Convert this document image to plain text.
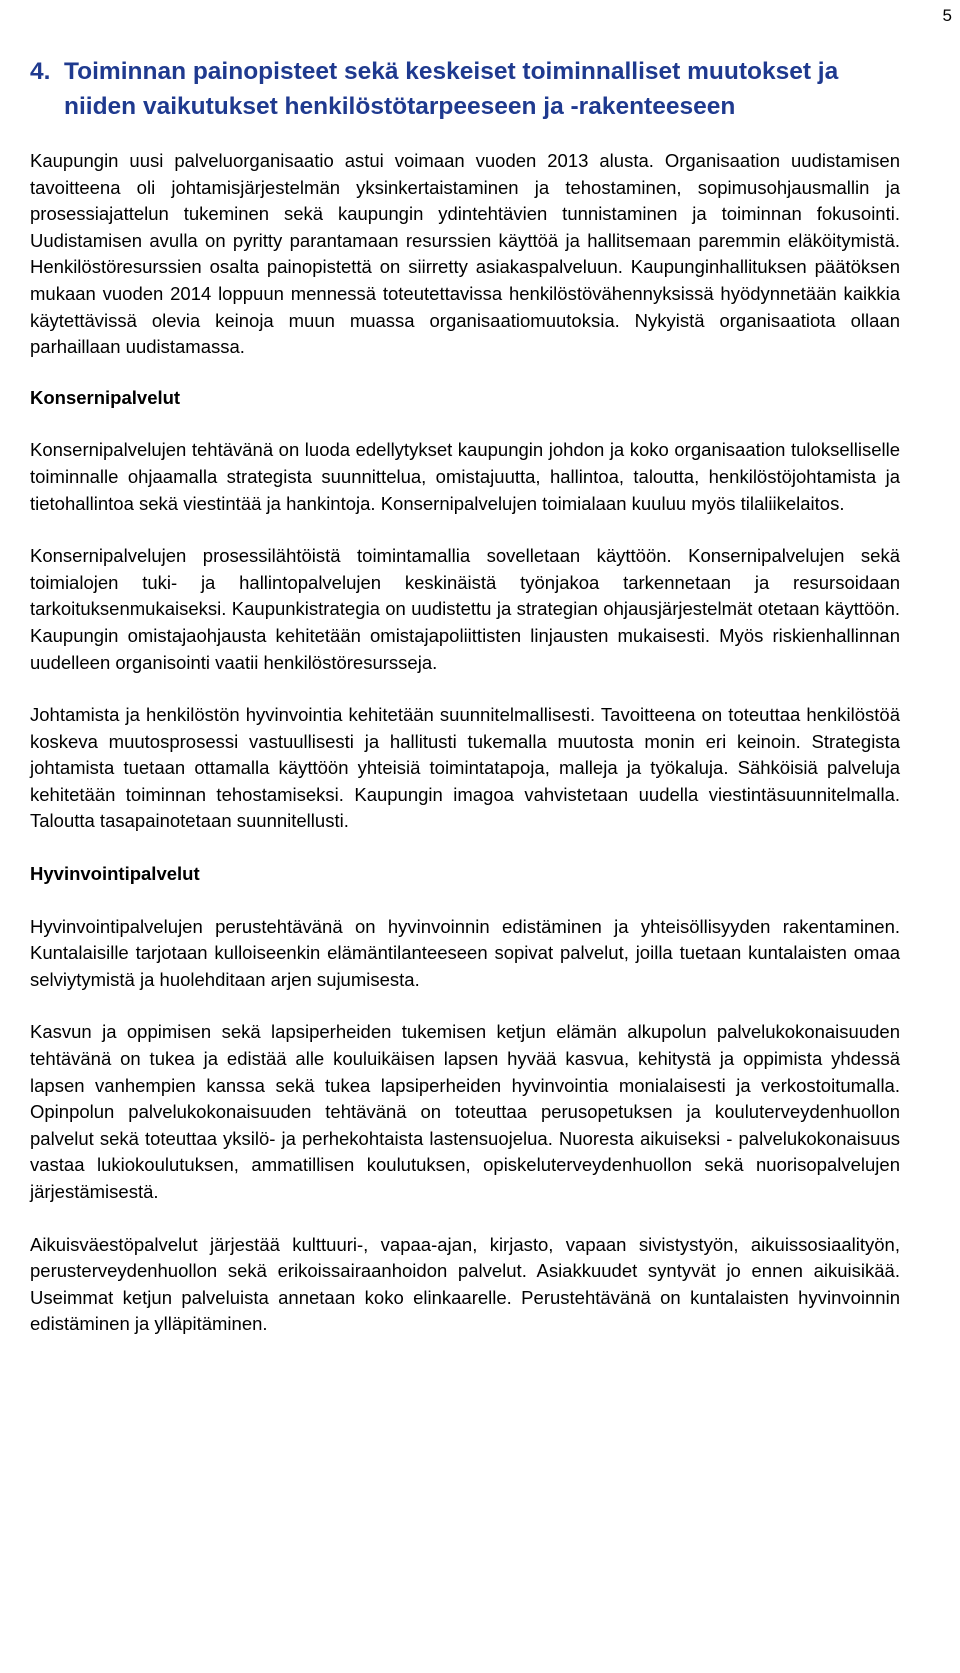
5
4. Toiminnan painopisteet sekä keskeiset toiminnalliset muutokset ja niiden vaikutukset henkilöstötarpeeseen ja -rakenteeseen

Kaupungin uusi palveluorganisaatio astui voimaan vuoden 2013 alusta. Organisaation uudistamisen tavoitteena oli johtamisjärjestelmän yksinkertaistaminen ja tehostaminen, sopimusohjausmallin ja prosessiajattelun tukeminen sekä kaupungin ydintehtävien tunnistaminen ja toiminnan fokusointi. Uudistamisen avulla on pyritty parantamaan resurssien käyttöä ja hallitsemaan paremmin eläköitymistä. Henkilöstöresurssien osalta painopistettä on siirretty asiakaspalveluun. Kaupunginhallituksen päätöksen mukaan vuoden 2014 loppuun mennessä toteutettavissa henkilöstövähennyksissä hyödynnetään kaikkia käytettävissä olevia keinoja muun muassa organisaatiomuutoksia. Nykyistä organisaatiota ollaan parhaillaan uudistamassa.

Konsernipalvelut

Konsernipalvelujen tehtävänä on luoda edellytykset kaupungin johdon ja koko organisaation tulokselliselle toiminnalle ohjaamalla strategista suunnittelua, omistajuutta, hallintoa, taloutta, henkilöstöjohtamista ja tietohallintoa sekä viestintää ja hankintoja. Konsernipalvelujen toimialaan kuuluu myös tilaliikelaitos.

Konsernipalvelujen prosessilähtöistä toimintamallia sovelletaan käyttöön. Konsernipalvelujen sekä toimialojen tuki- ja hallintopalvelujen keskinäistä työnjakoa tarkennetaan ja resursoidaan tarkoituksenmukaiseksi. Kaupunkistrategia on uudistettu ja strategian ohjausjärjestelmät otetaan käyttöön. Kaupungin omistajaohjausta kehitetään omistajapoliittisten linjausten mukaisesti. Myös riskienhallinnan uudelleen organisointi vaatii henkilöstöresursseja.

Johtamista ja henkilöstön hyvinvointia kehitetään suunnitelmallisesti. Tavoitteena on toteuttaa henkilöstöä koskeva muutosprosessi vastuullisesti ja hallitusti tukemalla muutosta monin eri keinoin. Strategista johtamista tuetaan ottamalla käyttöön yhteisiä toimintatapoja, malleja ja työkaluja. Sähköisiä palveluja kehitetään toiminnan tehostamiseksi. Kaupungin imagoa vahvistetaan uudella viestintäsuunnitelmalla. Taloutta tasapainotetaan suunnitellusti.

Hyvinvointipalvelut

Hyvinvointipalvelujen perustehtävänä on hyvinvoinnin edistäminen ja yhteisöllisyyden rakentaminen. Kuntalaisille tarjotaan kulloiseenkin elämäntilanteeseen sopivat palvelut, joilla tuetaan kuntalaisten omaa selviytymistä ja huolehditaan arjen sujumisesta.

Kasvun ja oppimisen sekä lapsiperheiden tukemisen ketjun elämän alkupolun palvelukokonaisuuden tehtävänä on tukea ja edistää alle kouluikäisen lapsen hyvää kasvua, kehitystä ja oppimista yhdessä lapsen vanhempien kanssa sekä tukea lapsiperheiden hyvinvointia monialaisesti ja verkostoitumalla. Opinpolun palvelukokonaisuuden tehtävänä on toteuttaa perusopetuksen ja kouluterveydenhuollon palvelut sekä toteuttaa yksilö- ja perhekohtaista lastensuojelua. Nuoresta aikuiseksi - palvelukokonaisuus vastaa lukiokoulutuksen, ammatillisen koulutuksen, opiskeluterveydenhuollon sekä nuorisopalvelujen järjestämisestä.

Aikuisväestöpalvelut järjestää kulttuuri-, vapaa-ajan, kirjasto, vapaan sivistystyön, aikuissosiaalityön, perusterveydenhuollon sekä erikoissairaanhoidon palvelut. Asiakkuudet syntyvät jo ennen aikuisikää. Useimmat ketjun palveluista annetaan koko elinkaarelle. Perustehtävänä on kuntalaisten hyvinvoinnin edistäminen ja ylläpitäminen.
